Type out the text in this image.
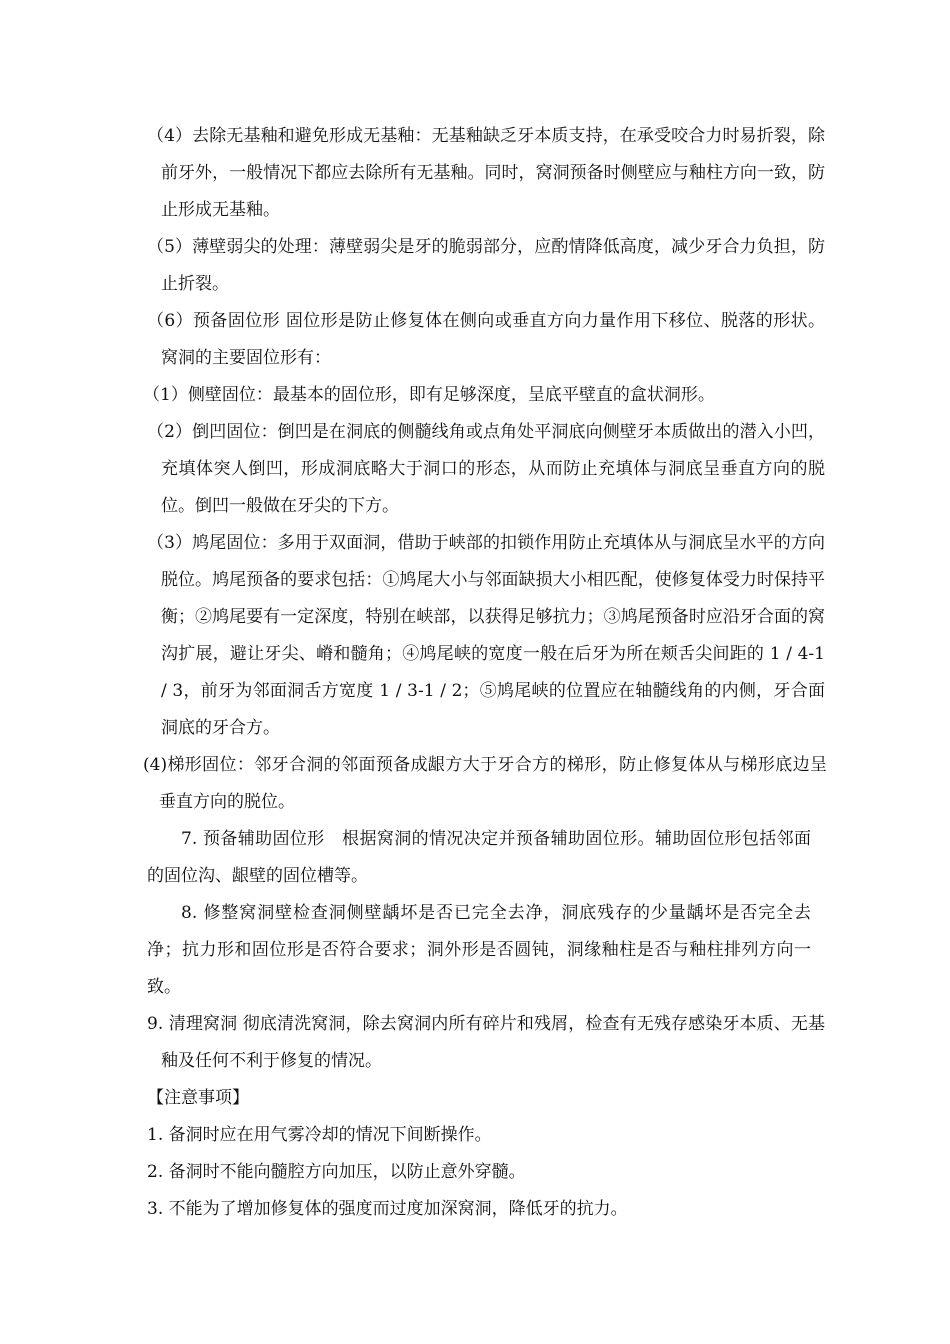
（4）去除无基釉和避免形成无基釉：无基釉缺乏牙本质支持，在承受咬合力时易折裂，除前牙外，一般情况下都应去除所有无基釉。同时，窝洞预备时侧壁应与釉柱方向一致，防止形成无基釉。
（5）薄壁弱尖的处理：薄壁弱尖是牙的脆弱部分，应酌情降低高度，减少牙合力负担，防止折裂。
（6）预备固位形 固位形是防止修复体在侧向或垂直方向力量作用下移位、脱落的形状。窝洞的主要固位形有：
（1）侧壁固位：最基本的固位形，即有足够深度，呈底平壁直的盒状洞形。
（2）倒凹固位：倒凹是在洞底的侧髓线角或点角处平洞底向侧壁牙本质做出的潜入小凹，充填体突人倒凹，形成洞底略大于洞口的形态，从而防止充填体与洞底呈垂直方向的脱位。倒凹一般做在牙尖的下方。
（3）鸠尾固位：多用于双面洞，借助于峡部的扣锁作用防止充填体从与洞底呈水平的方向脱位。鸠尾预备的要求包括：①鸠尾大小与邻面缺损大小相匹配，使修复体受力时保持平衡；②鸠尾要有一定深度，特别在峡部，以获得足够抗力；③鸠尾预备时应沿牙合面的窝沟扩展，避让牙尖、嵴和髓角；④鸠尾峡的宽度一般在后牙为所在颊舌尖间距的 1 / 4-1 / 3，前牙为邻面洞舌方宽度 1 / 3-1 / 2；⑤鸠尾峡的位置应在轴髓线角的内侧，牙合面洞底的牙合方。
(4)梯形固位：邻牙合洞的邻面预备成龈方大于牙合方的梯形，防止修复体从与梯形底边呈垂直方向的脱位。
7. 预备辅助固位形　根据窝洞的情况决定并预备辅助固位形。辅助固位形包括邻面的固位沟、龈壁的固位槽等。
8. 修整窝洞壁检查洞侧壁龋坏是否已完全去净，洞底残存的少量龋坏是否完全去净；抗力形和固位形是否符合要求；洞外形是否圆钝，洞缘釉柱是否与釉柱排列方向一致。
9. 清理窝洞 彻底清洗窝洞，除去窝洞内所有碎片和残屑，检查有无残存感染牙本质、无基釉及任何不利于修复的情况。
【注意事项】
1. 备洞时应在用气雾冷却的情况下间断操作。
2. 备洞时不能向髓腔方向加压，以防止意外穿髓。
3. 不能为了增加修复体的强度而过度加深窝洞，降低牙的抗力。
